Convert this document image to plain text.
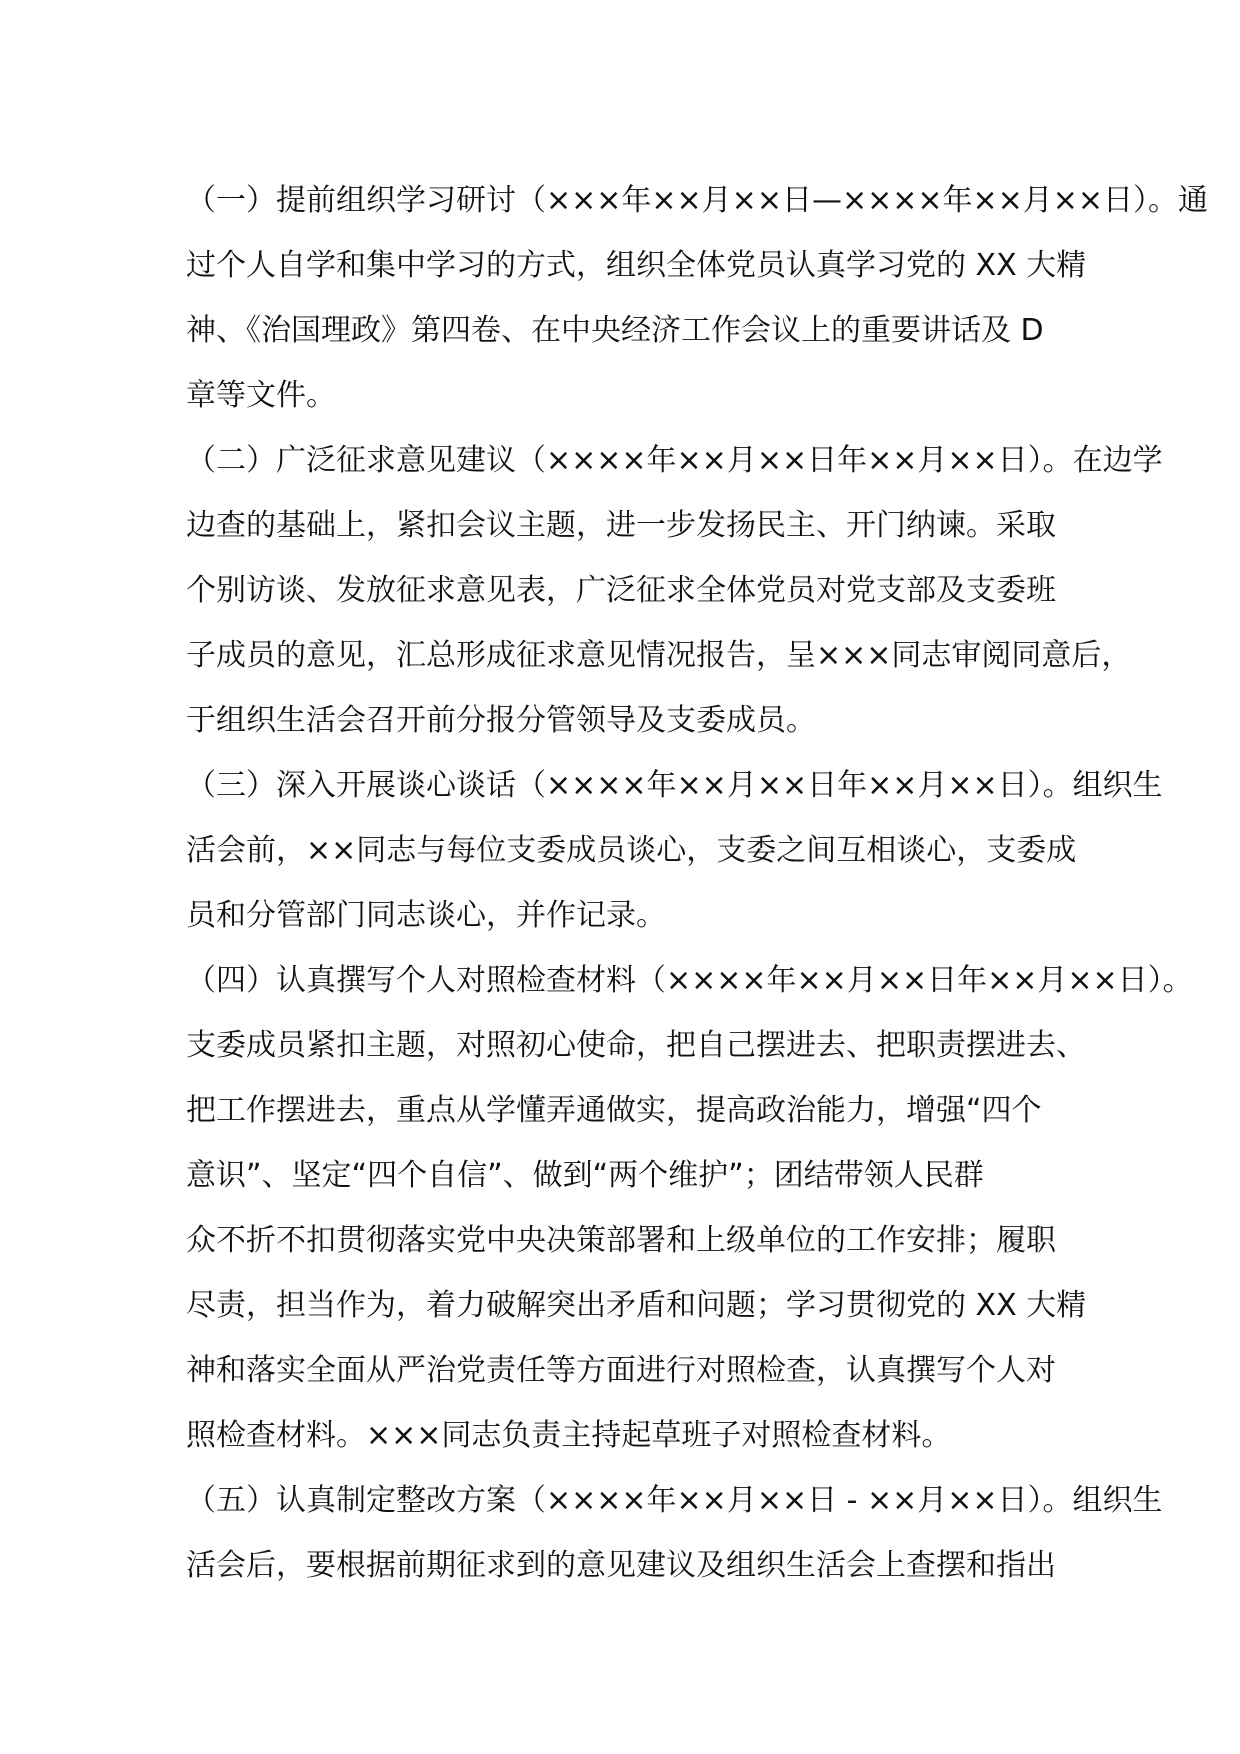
（一）提前组织学习研讨（×××年××月××日—××××年××月××日）。通
过个人自学和集中学习的方式，组织全体党员认真学习党的 XX 大精
神、《治国理政》第四卷、在中央经济工作会议上的重要讲话及 D
章等文件。
（二）广泛征求意见建议（××××年××月××日年××月××日）。在边学
边查的基础上，紧扣会议主题，进一步发扬民主、开门纳谏。采取
个别访谈、发放征求意见表，广泛征求全体党员对党支部及支委班
子成员的意见，汇总形成征求意见情况报告，呈×××同志审阅同意后，
于组织生活会召开前分报分管领导及支委成员。
（三）深入开展谈心谈话（××××年××月××日年××月××日）。组织生
活会前，××同志与每位支委成员谈心，支委之间互相谈心，支委成
员和分管部门同志谈心，并作记录。
（四）认真撰写个人对照检查材料（××××年××月××日年××月××日）。
支委成员紧扣主题，对照初心使命，把自己摆进去、把职责摆进去、
把工作摆进去，重点从学懂弄通做实，提高政治能力，增强“四个
意识”、坚定“四个自信”、做到“两个维护”；团结带领人民群
众不折不扣贯彻落实党中央决策部署和上级单位的工作安排；履职
尽责，担当作为，着力破解突出矛盾和问题；学习贯彻党的 XX 大精
神和落实全面从严治党责任等方面进行对照检查，认真撰写个人对
照检查材料。×××同志负责主持起草班子对照检查材料。
（五）认真制定整改方案（××××年××月××日 - ××月××日）。组织生
活会后，要根据前期征求到的意见建议及组织生活会上查摆和指出
